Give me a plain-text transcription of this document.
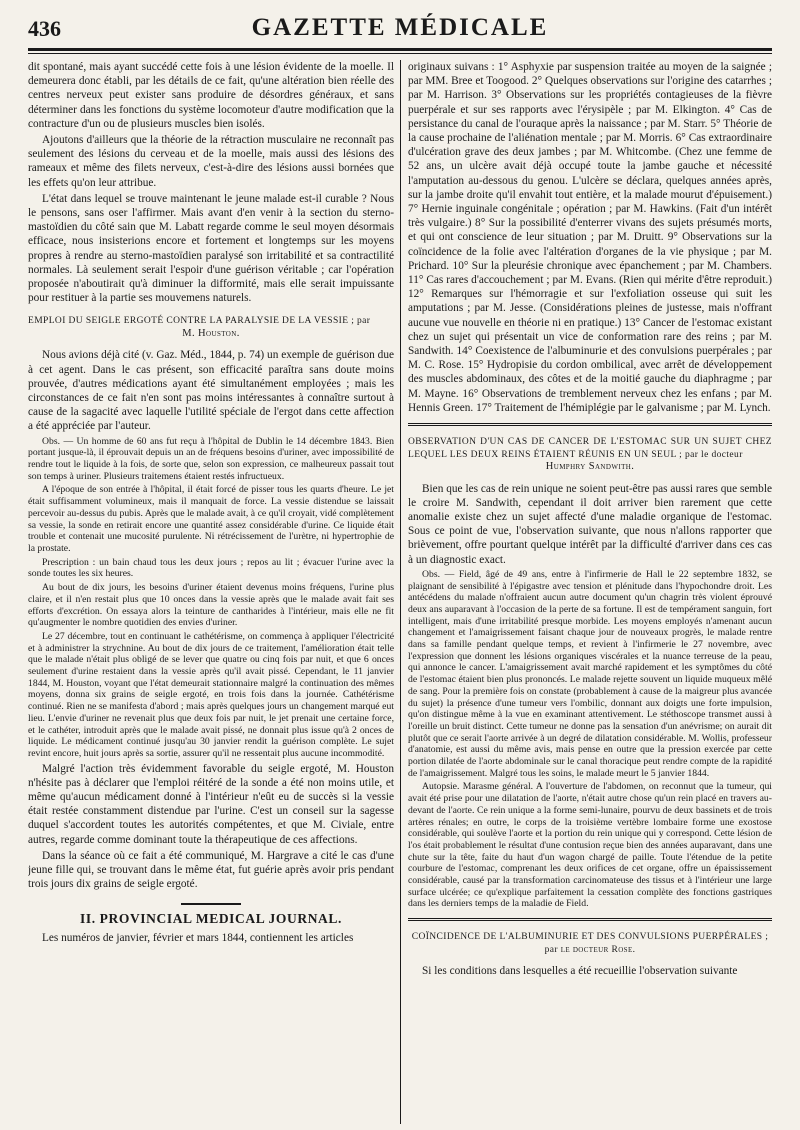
436	GAZETTE MÉDICALE

dit spontané, mais ayant succédé cette fois à une lésion évidente de la moelle. Il demeurera donc établi, par les détails de ce fait, qu'une altération bien réelle des centres nerveux peut exister sans produire de désordres généraux, et sans déterminer dans les fonctions du système locomoteur d'autre modification que la contracture d'un ou de plusieurs muscles bien isolés.

Ajoutons d'ailleurs que la théorie de la rétraction musculaire ne reconnaît pas seulement des lésions du cerveau et de la moelle, mais aussi des lésions des rameaux et même des filets nerveux, c'est-à-dire des lésions aussi bornées que les effets qu'on leur attribue.

L'état dans lequel se trouve maintenant le jeune malade est-il curable ? Nous le pensons, sans oser l'affirmer. Mais avant d'en venir à la section du sterno-mastoïdien du côté sain que M. Labatt regarde comme le seul moyen désormais efficace, nous insisterions encore et fortement et longtemps sur les moyens propres à rendre au sterno-mastoïdien paralysé son irritabilité et sa contractilité normales. Là seulement serait l'espoir d'une guérison véritable ; car l'opération proposée n'aboutirait qu'à diminuer la difformité, mais elle serait impuissante pour restituer à la partie ses mouvemens naturels.

EMPLOI DU SEIGLE ERGOTÉ CONTRE LA PARALYSIE DE LA VESSIE ; par
M. Houston.

Nous avions déjà cité (v. Gaz. Méd., 1844, p. 74) un exemple de guérison due à cet agent. Dans le cas présent, son efficacité paraîtra sans doute moins prouvée, d'autres médications ayant été simultanément employées ; mais les circonstances de ce fait n'en sont pas moins intéressantes à connaître surtout à cause de la sagacité avec laquelle l'utilité spéciale de l'ergot dans cette affection a été appréciée par l'auteur.

Obs. — Un homme de 60 ans fut reçu à l'hôpital de Dublin le 14 décembre 1843. Bien portant jusque-là, il éprouvait depuis un an de fréquens besoins d'uriner, avec impossibilité de rendre tout le liquide à la fois, de sorte que, selon son expression, ce malheureux passait tout son temps à uriner. Plusieurs traitemens étaient restés infructueux.

A l'époque de son entrée à l'hôpital, il était forcé de pisser tous les quarts d'heure. Le jet était suffisamment volumineux, mais il manquait de force. La vessie distendue se laissait percevoir au-dessus du pubis. Après que le malade avait, à ce qu'il croyait, vidé complètement sa vessie, la sonde en retirait encore une quantité assez considérable d'urine. Ce liquide était trouble et contenait une mucosité purulente. Ni rétrécissement de l'urètre, ni hypertrophie de la prostate.

Prescription : un bain chaud tous les deux jours ; repos au lit ; évacuer l'urine avec la sonde toutes les six heures.

Au bout de dix jours, les besoins d'uriner étaient devenus moins fréquens, l'urine plus claire, et il n'en restait plus que 10 onces dans la vessie après que le malade avait fait ses efforts d'excrétion. On essaya alors la teinture de cantharides à l'intérieur, mais elle ne fit qu'augmenter le nombre quotidien des envies d'uriner.

Le 27 décembre, tout en continuant le cathétérisme, on commença à appliquer l'électricité et à administrer la strychnine. Au bout de dix jours de ce traitement, l'amélioration était telle que le malade n'était plus obligé de se lever que quatre ou cinq fois par nuit, et que 6 onces seulement d'urine restaient dans la vessie après qu'il avait pissé. Cependant, le 11 janvier 1844, M. Houston, voyant que l'état demeurait stationnaire malgré la continuation des mêmes moyens, donna six grains de seigle ergoté, en trois fois dans la journée. Cathétérisme continué. Rien ne se manifesta d'abord ; mais après quelques jours un changement marqué eut lieu. L'envie d'uriner ne revenait plus que deux fois par nuit, le jet prenait une certaine force, et le cathéter, introduit après que le malade avait pissé, ne donnait plus issue qu'à 2 onces de liquide. Le médicament continué jusqu'au 30 janvier rendit la guérison complète. Le sujet revint encore, huit jours après sa sortie, assurer qu'il ne ressentait plus aucune incommodité.

Malgré l'action très évidemment favorable du seigle ergoté, M. Houston n'hésite pas à déclarer que l'emploi réitéré de la sonde a été non moins utile, et même qu'aucun médicament donné à l'intérieur n'eût eu de succès si la vessie était restée constamment distendue par l'urine. C'est un conseil sur la sagesse duquel s'accordent toutes les autorités compétentes, et que M. Civiale, entre autres, regarde comme dominant toute la thérapeutique de ces affections.

Dans la séance où ce fait a été communiqué, M. Hargrave a cité le cas d'une jeune fille qui, se trouvant dans le même état, fut guérie après avoir pris pendant trois jours dix grains de seigle ergoté.

II. PROVINCIAL MEDICAL JOURNAL.

Les numéros de janvier, février et mars 1844, contiennent les articles

originaux suivans : 1° Asphyxie par suspension traitée au moyen de la saignée ; par MM. Bree et Toogood. 2° Quelques observations sur l'origine des catarrhes ; par M. Harrison. 3° Observations sur les propriétés contagieuses de la fièvre puerpérale et sur ses rapports avec l'érysipèle ; par M. Elkington. 4° Cas de persistance du canal de l'ouraque après la naissance ; par M. Starr. 5° Théorie de la cause prochaine de l'aliénation mentale ; par M. Morris. 6° Cas extraordinaire d'ulcération grave des deux jambes ; par M. Whitcombe. (Chez une femme de 52 ans, un ulcère avait déjà occupé toute la jambe gauche et nécessité l'amputation au-dessous du genou. L'ulcère se déclara, quelques années après, sur la jambe droite qu'il envahit tout entière, et la malade mourut d'épuisement.) 7° Hernie inguinale congénitale ; opération ; par M. Hawkins. (Fait d'un intérêt très vulgaire.) 8° Sur la possibilité d'enterrer vivans des sujets présumés morts, et qui ont conscience de leur situation ; par M. Druitt. 9° Observations sur la coïncidence de la folie avec l'altération d'organes de la vie physique ; par M. Prichard. 10° Sur la pleurésie chronique avec épanchement ; par M. Chambers. 11° Cas rares d'accouchement ; par M. Evans. (Rien qui mérite d'être reproduit.) 12° Remarques sur l'hémorragie et sur l'exfoliation osseuse qui suit les amputations ; par M. Jesse. (Considérations pleines de justesse, mais n'offrant aucune vue nouvelle en théorie ni en pratique.) 13° Cancer de l'estomac existant chez un sujet qui présentait un vice de conformation rare des reins ; par M. Sandwith. 14° Coexistence de l'albuminurie et des convulsions puerpérales ; par M. C. Rose. 15° Hydropisie du cordon ombilical, avec arrêt de développement des muscles abdominaux, des côtes et de la moitié gauche du diaphragme ; par M. Mayne. 16° Observations de tremblement nerveux chez les enfans ; par M. Hennis Green. 17° Traitement de l'hémiplégie par le galvanisme ; par M. Lynch.

OBSERVATION D'UN CAS DE CANCER DE L'ESTOMAC SUR UN SUJET CHEZ LEQUEL LES DEUX REINS ÉTAIENT RÉUNIS EN UN SEUL ; par le docteur
Humphry Sandwith.

Bien que les cas de rein unique ne soient peut-être pas aussi rares que semble le croire M. Sandwith, cependant il doit arriver bien rarement que cette anomalie existe chez un sujet affecté d'une maladie organique de l'estomac. Sous ce point de vue, l'observation suivante, que nous n'allons rapporter que brièvement, offre pourtant quelque intérêt par la difficulté d'arriver dans ces cas à un diagnostic exact.

Obs. — Field, âgé de 49 ans, entre à l'infirmerie de Hall le 22 septembre 1832, se plaignant de sensibilité à l'épigastre avec tension et plénitude dans l'hypochondre droit. Les antécédens du malade n'offraient aucun autre document qu'un chagrin très violent éprouvé deux ans auparavant à l'occasion de la perte de sa fortune. Il est de tempérament sanguin, fort intelligent, mais d'une irritabilité presque morbide. Les moyens employés n'amenant aucun changement et l'amaigrissement faisant chaque jour de nouveaux progrès, le malade rentre dans sa famille pendant quelque temps, et revient à l'infirmerie le 27 novembre, avec l'expression que donnent les lésions organiques viscérales et la nuance terreuse de la peau, qui annonce le cancer. L'amaigrissement avait marché rapidement et les symptômes du côté de l'estomac étaient bien plus prononcés. Le malade rejette souvent un liquide muqueux mêlé de sang. Pour la première fois on constate (probablement à cause de la maigreur plus avancée du sujet) la présence d'une tumeur vers l'ombilic, donnant aux doigts une forte impulsion, qu'on distingue même à la vue en examinant attentivement. Le stéthoscope transmet aussi à l'oreille un bruit distinct. Cette tumeur ne donne pas la sensation d'un anévrisme; on aurait dit plutôt que ce serait l'aorte arrivée à un degré de dilatation considérable. M. Wollis, professeur d'anatomie, est aussi du même avis, mais pense en outre que la pression exercée par cette portion dilatée de l'aorte abdominale sur le canal thoracique peut rendre compte de la rapidité de l'amaigrissement. Malgré tous les soins, le malade meurt le 5 janvier 1844.

Autopsie. Marasme général. A l'ouverture de l'abdomen, on reconnut que la tumeur, qui avait été prise pour une dilatation de l'aorte, n'était autre chose qu'un rein placé en travers au-devant de l'aorte. Ce rein unique a la forme semi-lunaire, pourvu de deux bassinets et de trois artères rénales; en outre, le corps de la troisième vertèbre lombaire forme une exostose considérable, qui soulève l'aorte et la portion du rein unique qui y correspond. Cette lésion de l'os était probablement le résultat d'une contusion reçue bien des années auparavant, dans une chute sur la tête, faite du haut d'un wagon chargé de paille. Toute l'étendue de la petite courbure de l'estomac, comprenant les deux orifices de cet organe, offre un épaississement considérable, causé par la transformation carcinomateuse des tissus et à l'intérieur une large surface ulcérée; ce qu'explique parfaitement la cessation complète des fonctions gastriques dans les derniers temps de la maladie de Field.

COÏNCIDENCE DE L'ALBUMINURIE ET DES CONVULSIONS PUERPÉRALES ; par le docteur Rose.

Si les conditions dans lesquelles a été recueillie l'observation suivante
